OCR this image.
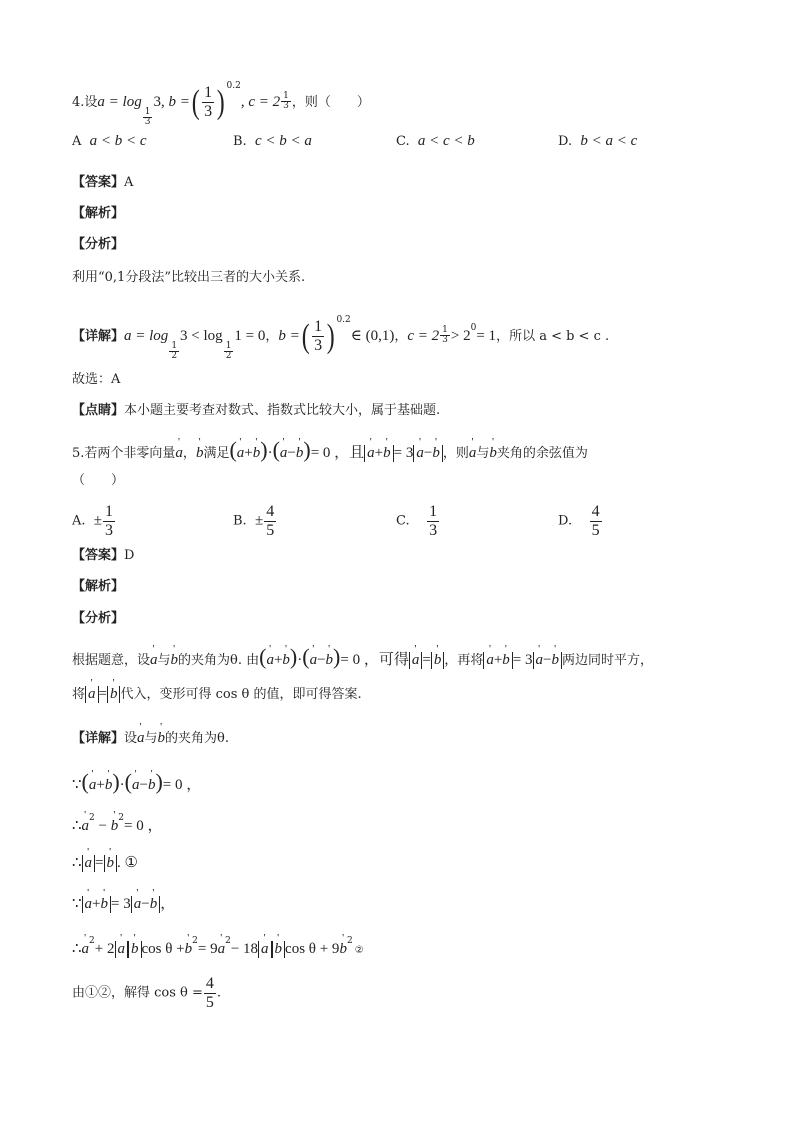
4.设a = log
$\frac{1}{3}$
3, b =( $\frac{1}{3}$ ) $^{0.2}$, $c = 2 \frac{1}{3}$ ，则（　　）
A a < b < c	B. c < b < a	C. a < c < b	D. b < a < c
【答案】A
【解析】
【分析】
利用“0,1分段法”比较出三者的大小关系.
【详解】a = log
$\frac{1}{2}$
3 < log
$\frac{1}{2}$
1 = 0，b =( $\frac{1}{3}$ ) $^{0.2}$∈ (0,1)，$c = 2 \frac{1}{3} > 2^0= 1$，所以 a < b < c .
故选：A
【点睛】本小题主要考查对数式、指数式比较大小，属于基础题.
5.若两个非零向量' a，' b满足(' a+' b)·(' a−' b)= 0 ，且' a+' b = 3' a−' b ，则' a与' b夹角的余弦值为
（　　）
A. ± $\frac{1}{3}$	B. ± $\frac{4}{5}$	C. $\frac{1}{3}$	D. $\frac{4}{5}$
【答案】D
【解析】
【分析】
根据题意，设' a与' b的夹角为θ. 由(' a+' b)·(' a−' b)= 0 ，可得' a =' b ，再将' a+' b = 3' a−' b 两边同时平方，
将' a =' b 代入，变形可得 cos θ 的值，即可得答案.
【详解】设' a与' b的夹角为θ.
∵(' a+' b)·(' a−' b)= 0 ，
∴' $a^2$ − ' $b^2= 0$ ，
∴' a =' b . ①
∵' a+' b = 3' a−' b ，
∴' $a^2+ 2'$ a' b cos θ +' $b^2= 9'$ $a^2- 18'$ a' b cos θ + 9' $b^2②$
由①②，解得 $\cos \theta = \frac{4}{5}$ .
